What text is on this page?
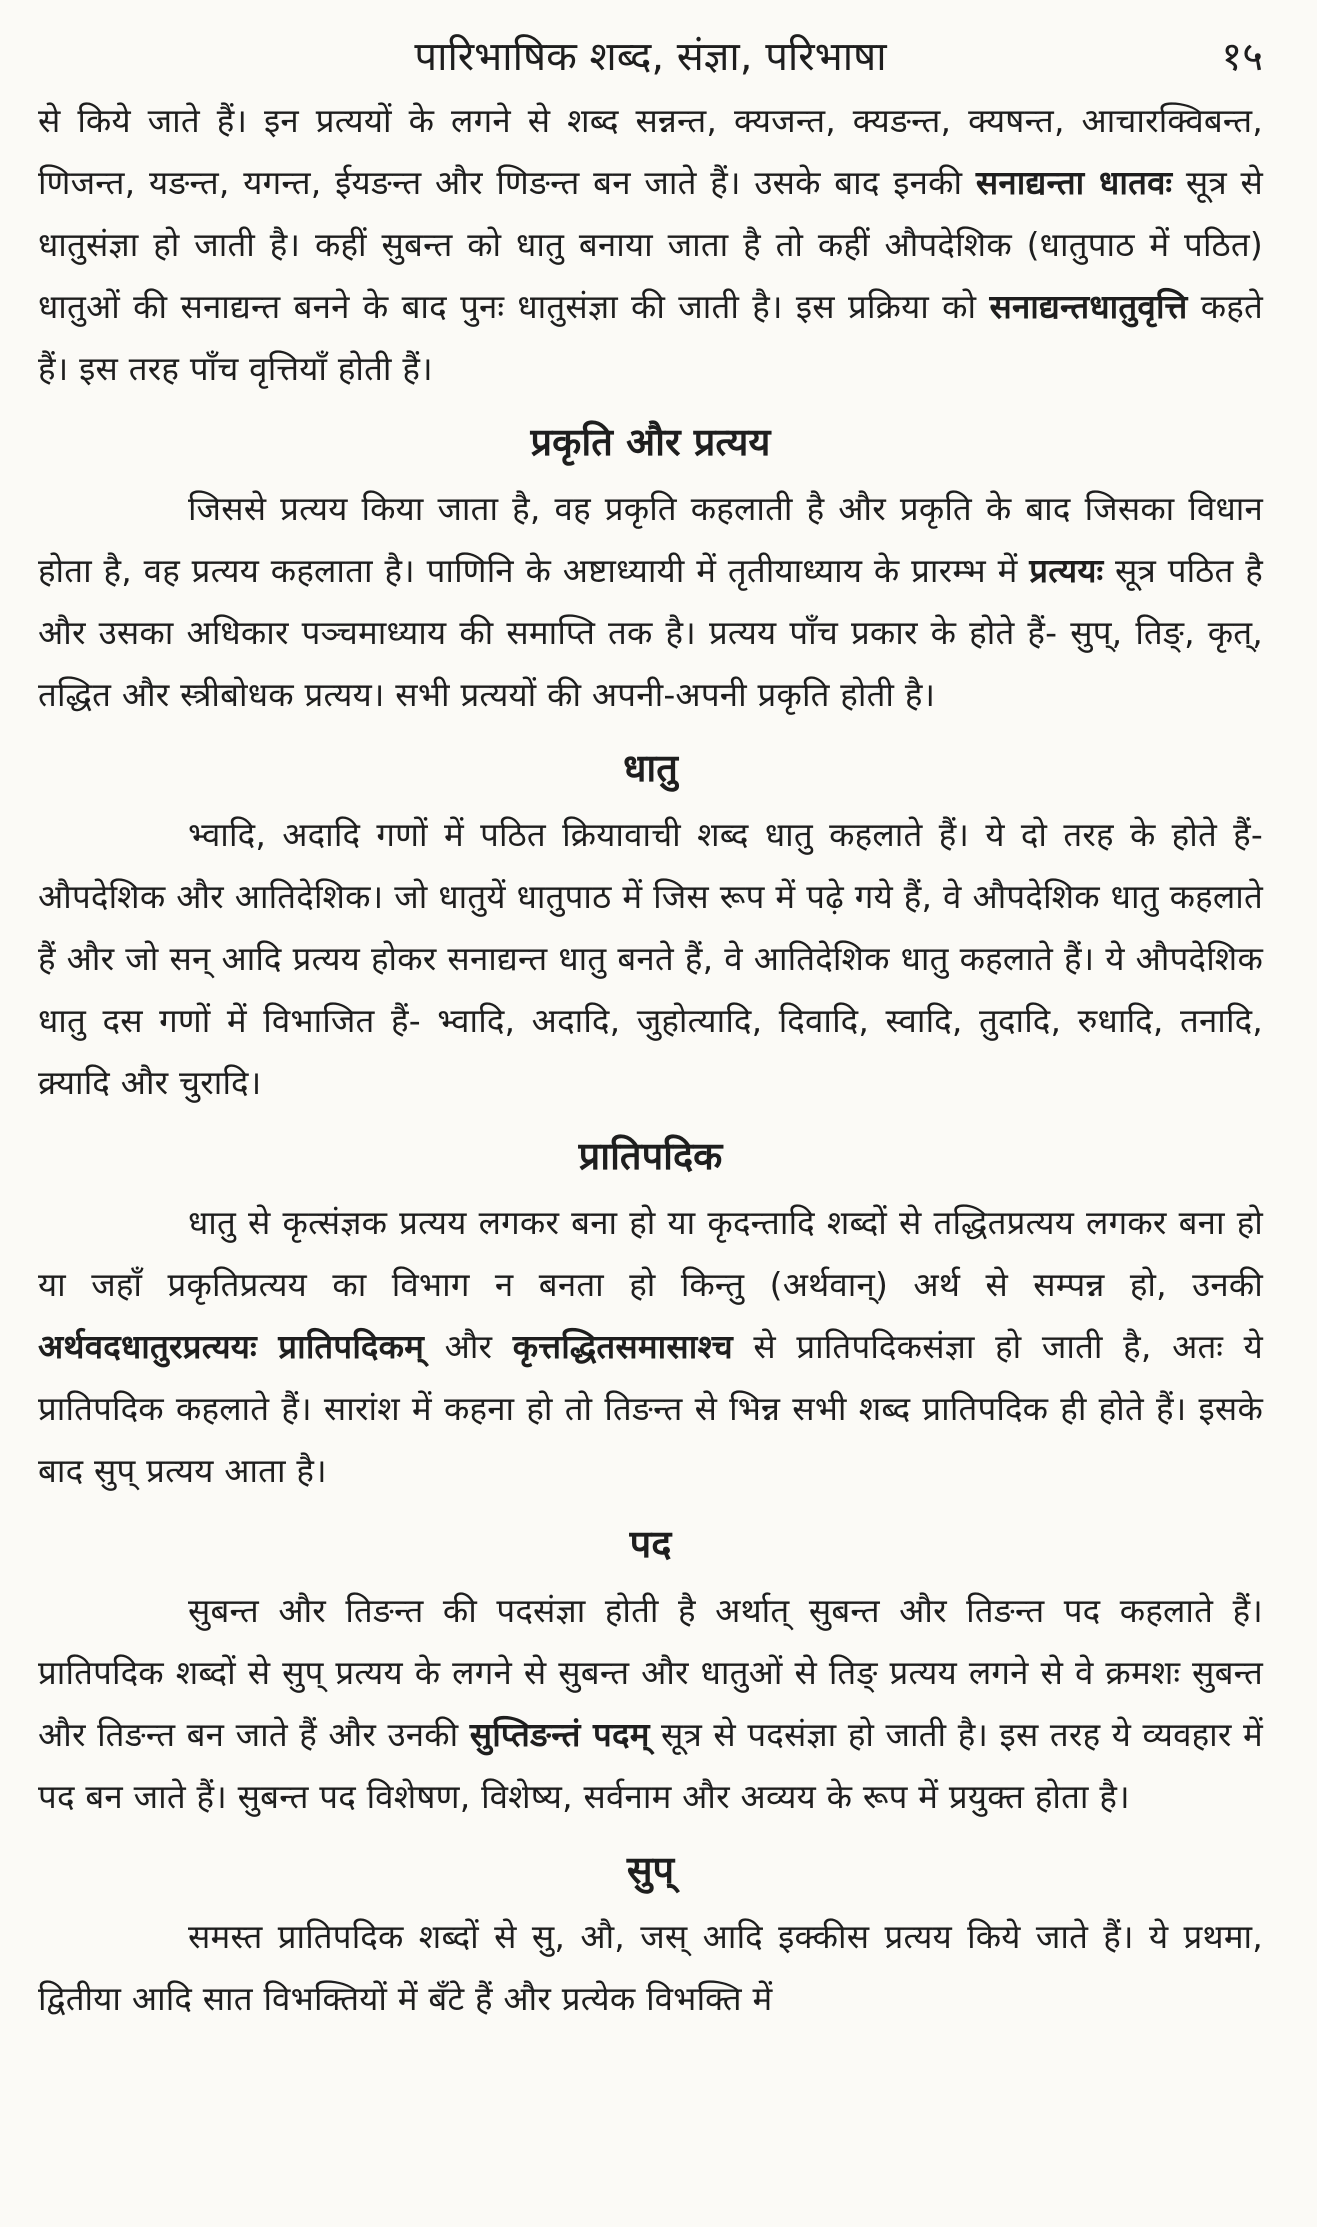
पारिभाषिक शब्द, संज्ञा, परिभाषा	१५

से किये जाते हैं। इन प्रत्ययों के लगने से शब्द सन्नन्त, क्यजन्त, क्यङन्त, क्यषन्त, आचारक्विबन्त, णिजन्त, यङन्त, यगन्त, ईयङन्त और णिङन्त बन जाते हैं। उसके बाद इनकी सनाद्यन्ता धातवः सूत्र से धातुसंज्ञा हो जाती है। कहीं सुबन्त को धातु बनाया जाता है तो कहीं औपदेशिक (धातुपाठ में पठित) धातुओं की सनाद्यन्त बनने के बाद पुनः धातुसंज्ञा की जाती है। इस प्रक्रिया को सनाद्यन्तधातुवृत्ति कहते हैं। इस तरह पाँच वृत्तियाँ होती हैं।

प्रकृति और प्रत्यय

जिससे प्रत्यय किया जाता है, वह प्रकृति कहलाती है और प्रकृति के बाद जिसका विधान होता है, वह प्रत्यय कहलाता है। पाणिनि के अष्टाध्यायी में तृतीयाध्याय के प्रारम्भ में प्रत्ययः सूत्र पठित है और उसका अधिकार पञ्चमाध्याय की समाप्ति तक है। प्रत्यय पाँच प्रकार के होते हैं- सुप्, तिङ्, कृत्, तद्धित और स्त्रीबोधक प्रत्यय। सभी प्रत्ययों की अपनी-अपनी प्रकृति होती है।

धातु

भ्वादि, अदादि गणों में पठित क्रियावाची शब्द धातु कहलाते हैं। ये दो तरह के होते हैं- औपदेशिक और आतिदेशिक। जो धातुयें धातुपाठ में जिस रूप में पढ़े गये हैं, वे औपदेशिक धातु कहलाते हैं और जो सन् आदि प्रत्यय होकर सनाद्यन्त धातु बनते हैं, वे आतिदेशिक धातु कहलाते हैं। ये औपदेशिक धातु दस गणों में विभाजित हैं- भ्वादि, अदादि, जुहोत्यादि, दिवादि, स्वादि, तुदादि, रुधादि, तनादि, क्र्यादि और चुरादि।

प्रातिपदिक

धातु से कृत्संज्ञक प्रत्यय लगकर बना हो या कृदन्तादि शब्दों से तद्धितप्रत्यय लगकर बना हो या जहाँ प्रकृतिप्रत्यय का विभाग न बनता हो किन्तु (अर्थवान्) अर्थ से सम्पन्न हो, उनकी अर्थवदधातुरप्रत्ययः प्रातिपदिकम् और कृत्तद्धितसमासाश्च से प्रातिपदिकसंज्ञा हो जाती है, अतः ये प्रातिपदिक कहलाते हैं। सारांश में कहना हो तो तिङन्त से भिन्न सभी शब्द प्रातिपदिक ही होते हैं। इसके बाद सुप् प्रत्यय आता है।

पद

सुबन्त और तिङन्त की पदसंज्ञा होती है अर्थात् सुबन्त और तिङन्त पद कहलाते हैं। प्रातिपदिक शब्दों से सुप् प्रत्यय के लगने से सुबन्त और धातुओं से तिङ् प्रत्यय लगने से वे क्रमशः सुबन्त और तिङन्त बन जाते हैं और उनकी सुप्तिङन्तं पदम् सूत्र से पदसंज्ञा हो जाती है। इस तरह ये व्यवहार में पद बन जाते हैं। सुबन्त पद विशेषण, विशेष्य, सर्वनाम और अव्यय के रूप में प्रयुक्त होता है।

सुप्

समस्त प्रातिपदिक शब्दों से सु, औ, जस् आदि इक्कीस प्रत्यय किये जाते हैं। ये प्रथमा, द्वितीया आदि सात विभक्तियों में बँटे हैं और प्रत्येक विभक्ति में
